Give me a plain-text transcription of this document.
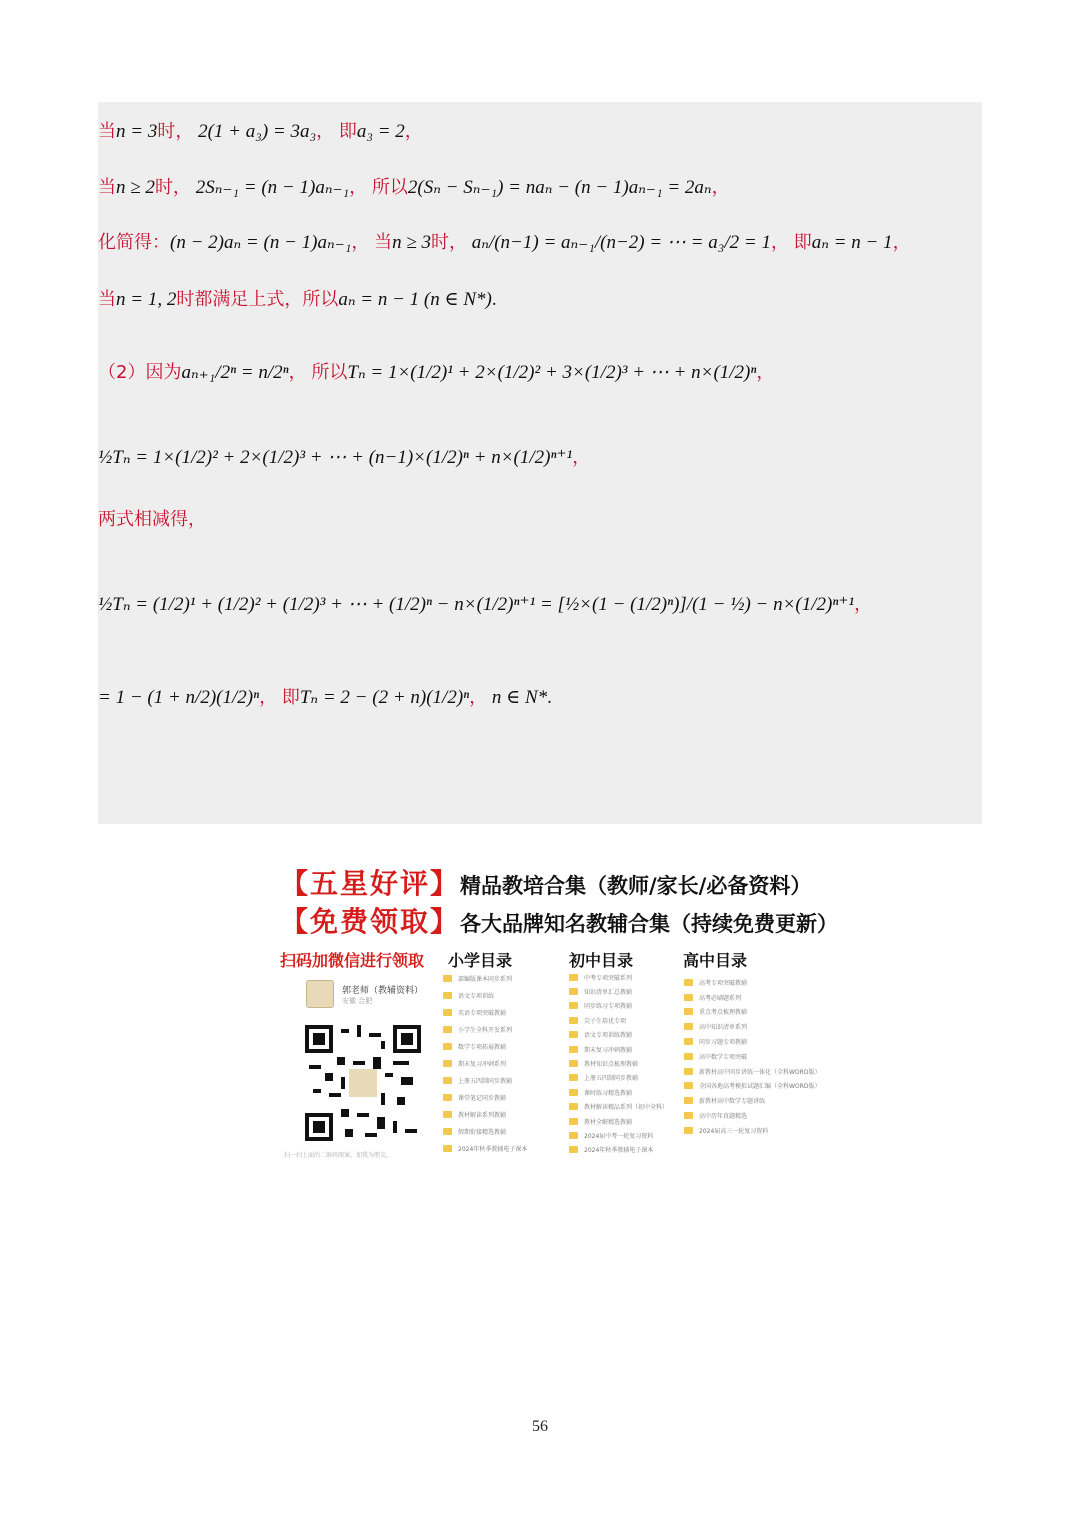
当n = 3时， 2(1 + a₃) = 3a₃， 即a₃ = 2，
当n ≥ 2时， 2Sₙ₋₁ = (n − 1)aₙ₋₁， 所以2(Sₙ − Sₙ₋₁) = naₙ − (n − 1)aₙ₋₁ = 2aₙ，
化简得：(n − 2)aₙ = (n − 1)aₙ₋₁， 当n ≥ 3时， aₙ/(n−1) = aₙ₋₁/(n−2) = ⋯ = a₃/2 = 1， 即aₙ = n − 1，
当n = 1, 2时都满足上式，所以aₙ = n − 1 (n ∈ N*).
（2）因为aₙ₊₁/2ⁿ = n/2ⁿ， 所以Tₙ = 1×(1/2)¹ + 2×(1/2)² + 3×(1/2)³ + ⋯ + n×(1/2)ⁿ，
½Tₙ = 1×(1/2)² + 2×(1/2)³ + ⋯ + (n−1)×(1/2)ⁿ + n×(1/2)ⁿ⁺¹，
两式相减得，
½Tₙ = (1/2)¹ + (1/2)² + (1/2)³ + ⋯ + (1/2)ⁿ − n×(1/2)ⁿ⁺¹ = [½×(1 − (1/2)ⁿ)]/(1 − ½) − n×(1/2)ⁿ⁺¹，
= 1 − (1 + n/2)(1/2)ⁿ， 即Tₙ = 2 − (2 + n)(1/2)ⁿ， n ∈ N*.
【五星好评】精品教培合集（教师/家长/必备资料）
【免费领取】各大品牌知名教辅合集（持续免费更新）
扫码加微信进行领取
郭老师（教辅资料）
安徽 合肥
扫一扫上面的二维码图案，加我为朋友。
小学目录
部编版课本同步系列
语文专项训练
英语专项突破教辅
小学生全科开发系列
数学专项拓展教辅
期末复习冲刺系列
上册五四制同步教辅
课堂笔记同步教辅
教材解读系列教辅
假期衔接精选教辅
2024年秋季教辅电子课本
初中目录
中考专项突破系列
知识清单汇总教辅
同步练习专项教辅
尖子生培优专项
语文专项训练教辅
期末复习冲刺教辅
教材知识点梳理教辅
上册五四制同步教辅
课时练习精选教辅
教材解读精品系列（初中全科）
教材全解精选教辅
2024届中考一轮复习资料
2024年秋季教辅电子课本
高中目录
高考专项突破教辅
高考必刷题系列
重点考点梳理教辅
高中知识清单系列
同步习题专项教辅
高中数学专项突破
新教材高中同步讲练一体化（全科WORD版）
全国各地高考模拟试题汇编（全科WORD版）
新教材高中数学专题讲练
高中历年真题精选
2024届高三一轮复习资料
56
